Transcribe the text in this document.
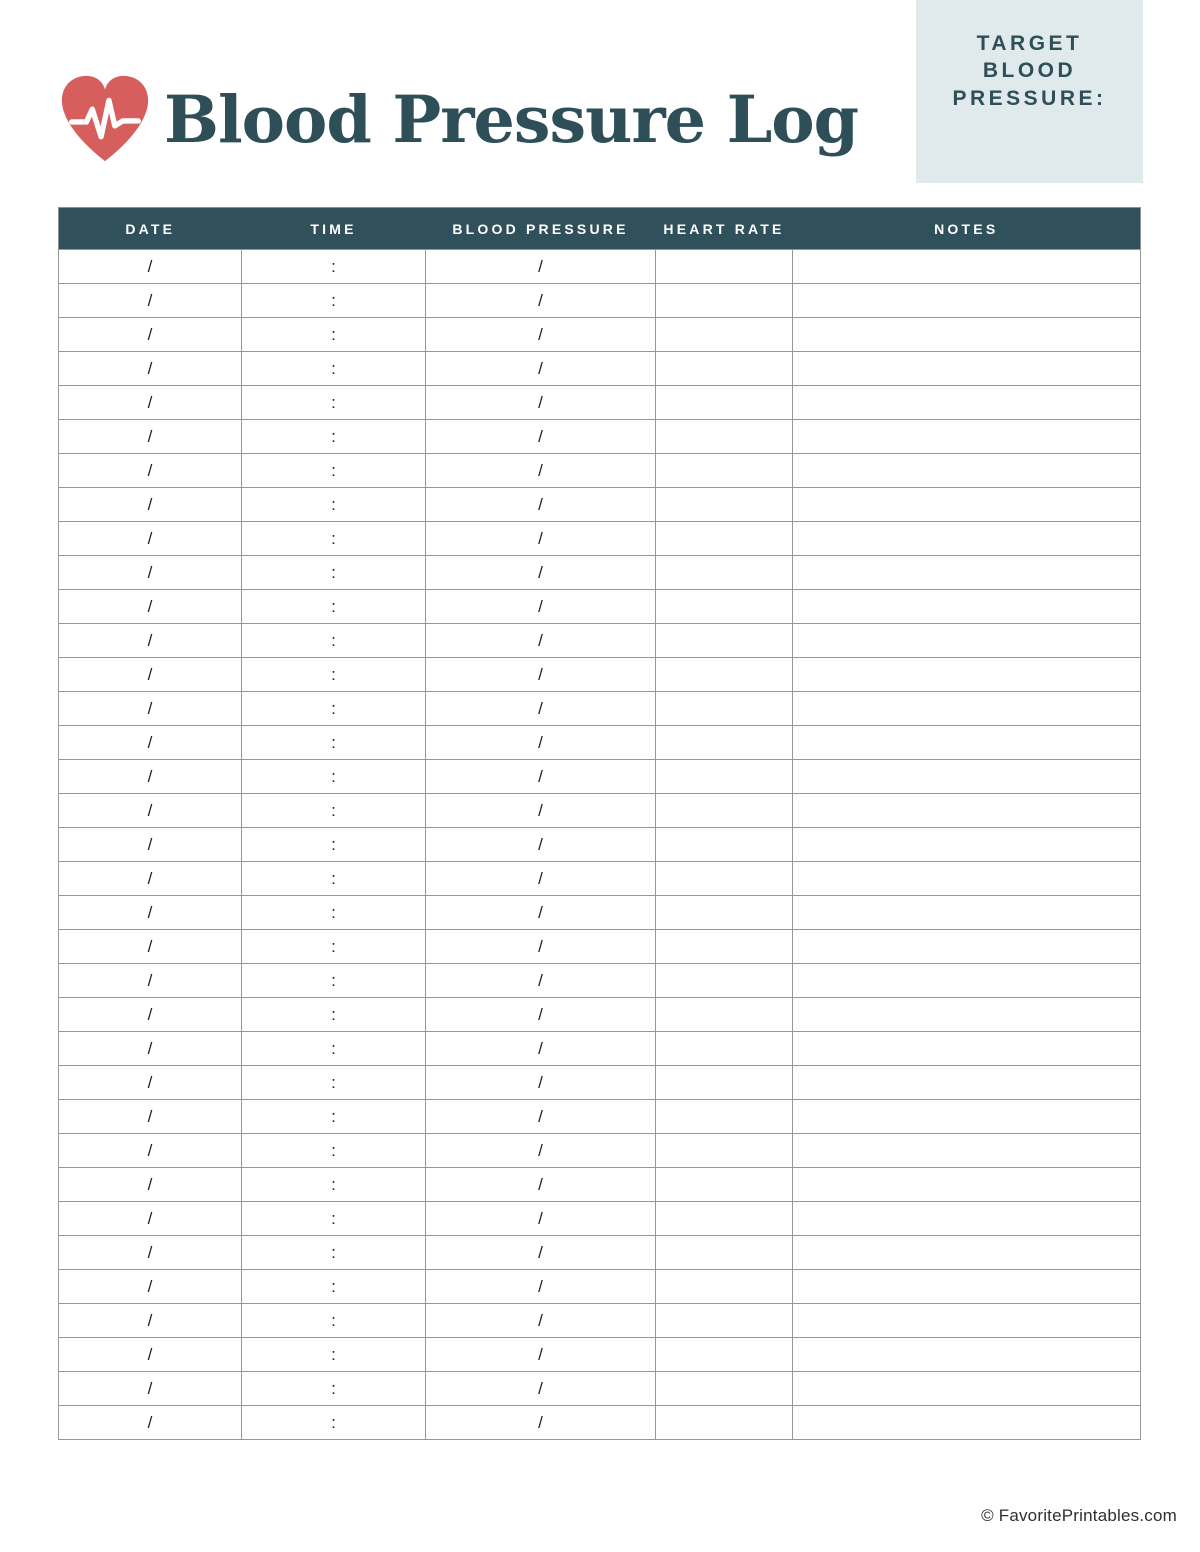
TARGET BLOOD PRESSURE:
Blood Pressure Log
DATE	TIME	BLOOD PRESSURE	HEART RATE	NOTES
/	:	/		
/	:	/		
/	:	/		
/	:	/		
/	:	/		
/	:	/		
/	:	/		
/	:	/		
/	:	/		
/	:	/		
/	:	/		
/	:	/		
/	:	/		
/	:	/		
/	:	/		
/	:	/		
/	:	/		
/	:	/		
/	:	/		
/	:	/		
/	:	/		
/	:	/		
/	:	/		
/	:	/		
/	:	/		
/	:	/		
/	:	/		
/	:	/		
/	:	/		
/	:	/		
/	:	/		
/	:	/		
/	:	/		
/	:	/		
/	:	/		
© FavoritePrintables.com
